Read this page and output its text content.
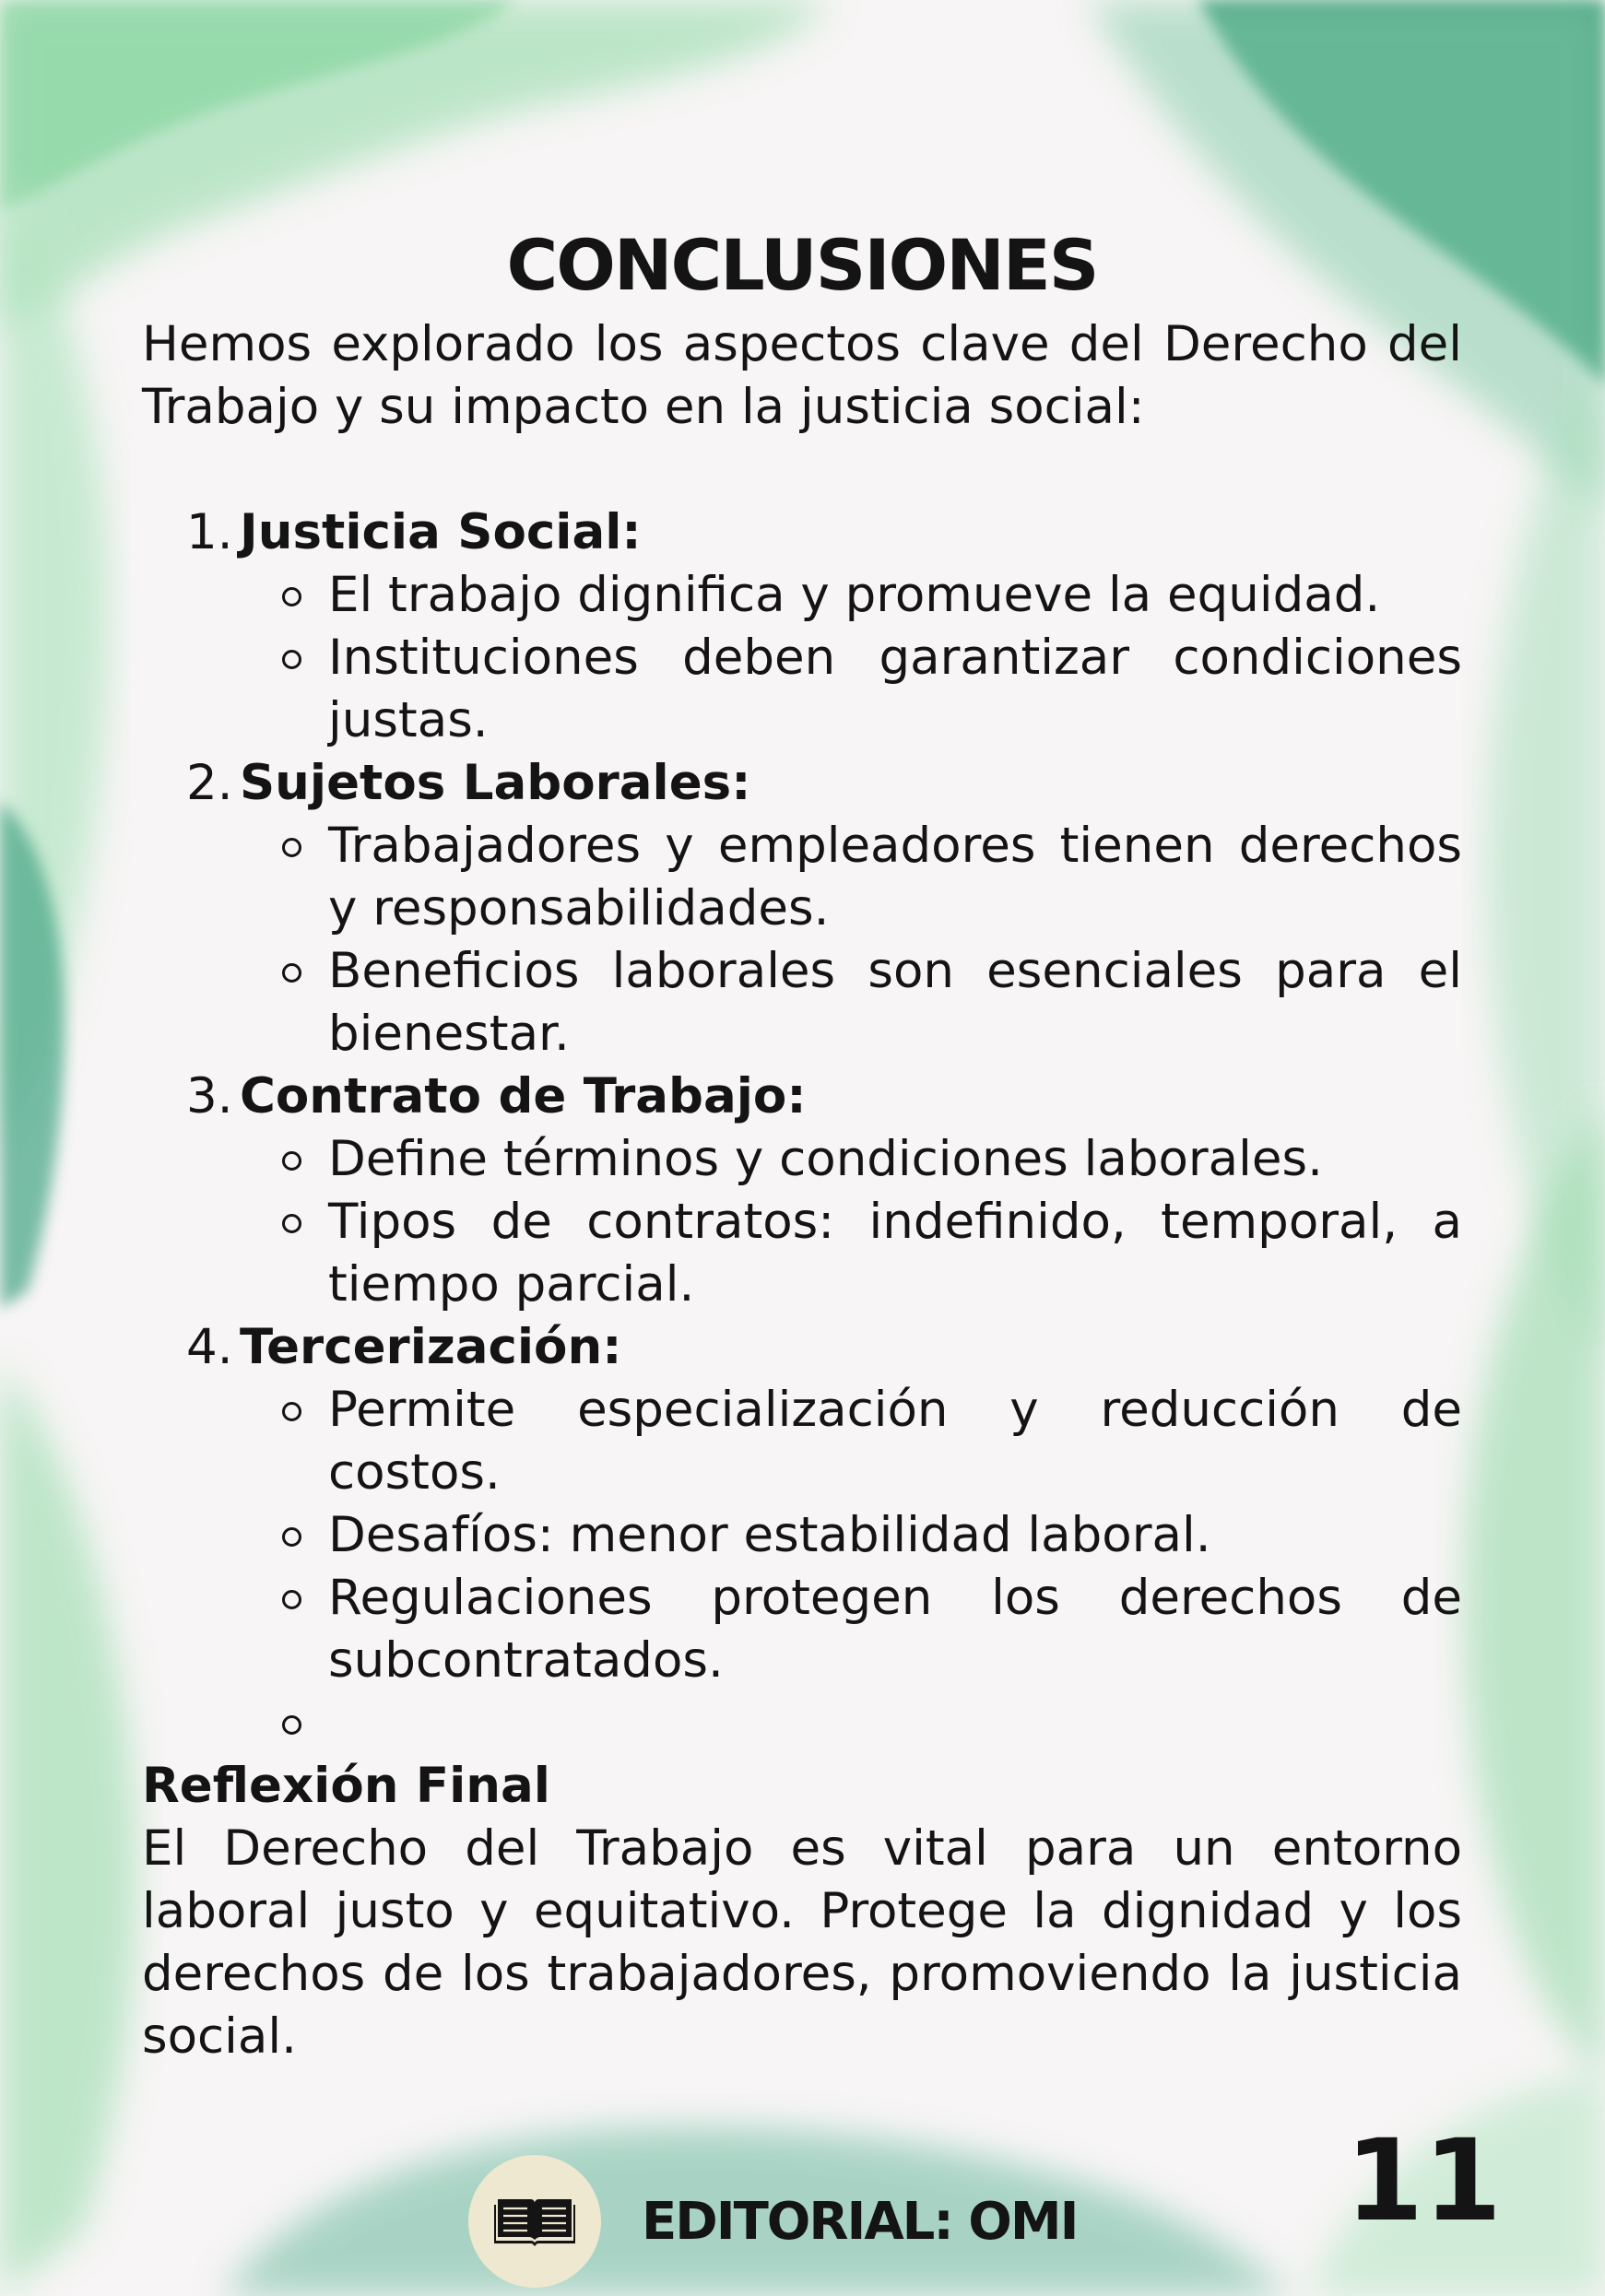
CONCLUSIONES

Hemos explorado los aspectos clave del Derecho del Trabajo y su impacto en la justicia social:

1. Justicia Social:
El trabajo dignifica y promueve la equidad.
Instituciones deben garantizar condiciones justas.
2. Sujetos Laborales:
Trabajadores y empleadores tienen derechos y responsabilidades.
Beneficios laborales son esenciales para el bienestar.
3. Contrato de Trabajo:
Define términos y condiciones laborales.
Tipos de contratos: indefinido, temporal, a tiempo parcial.
4. Tercerización:
Permite especialización y reducción de costos.
Desafíos: menor estabilidad laboral.
Regulaciones protegen los derechos de subcontratados.

Reflexión Final

El Derecho del Trabajo es vital para un entorno laboral justo y equitativo. Protege la dignidad y los derechos de los trabajadores, promoviendo la justicia social.

11
EDITORIAL: OMI
